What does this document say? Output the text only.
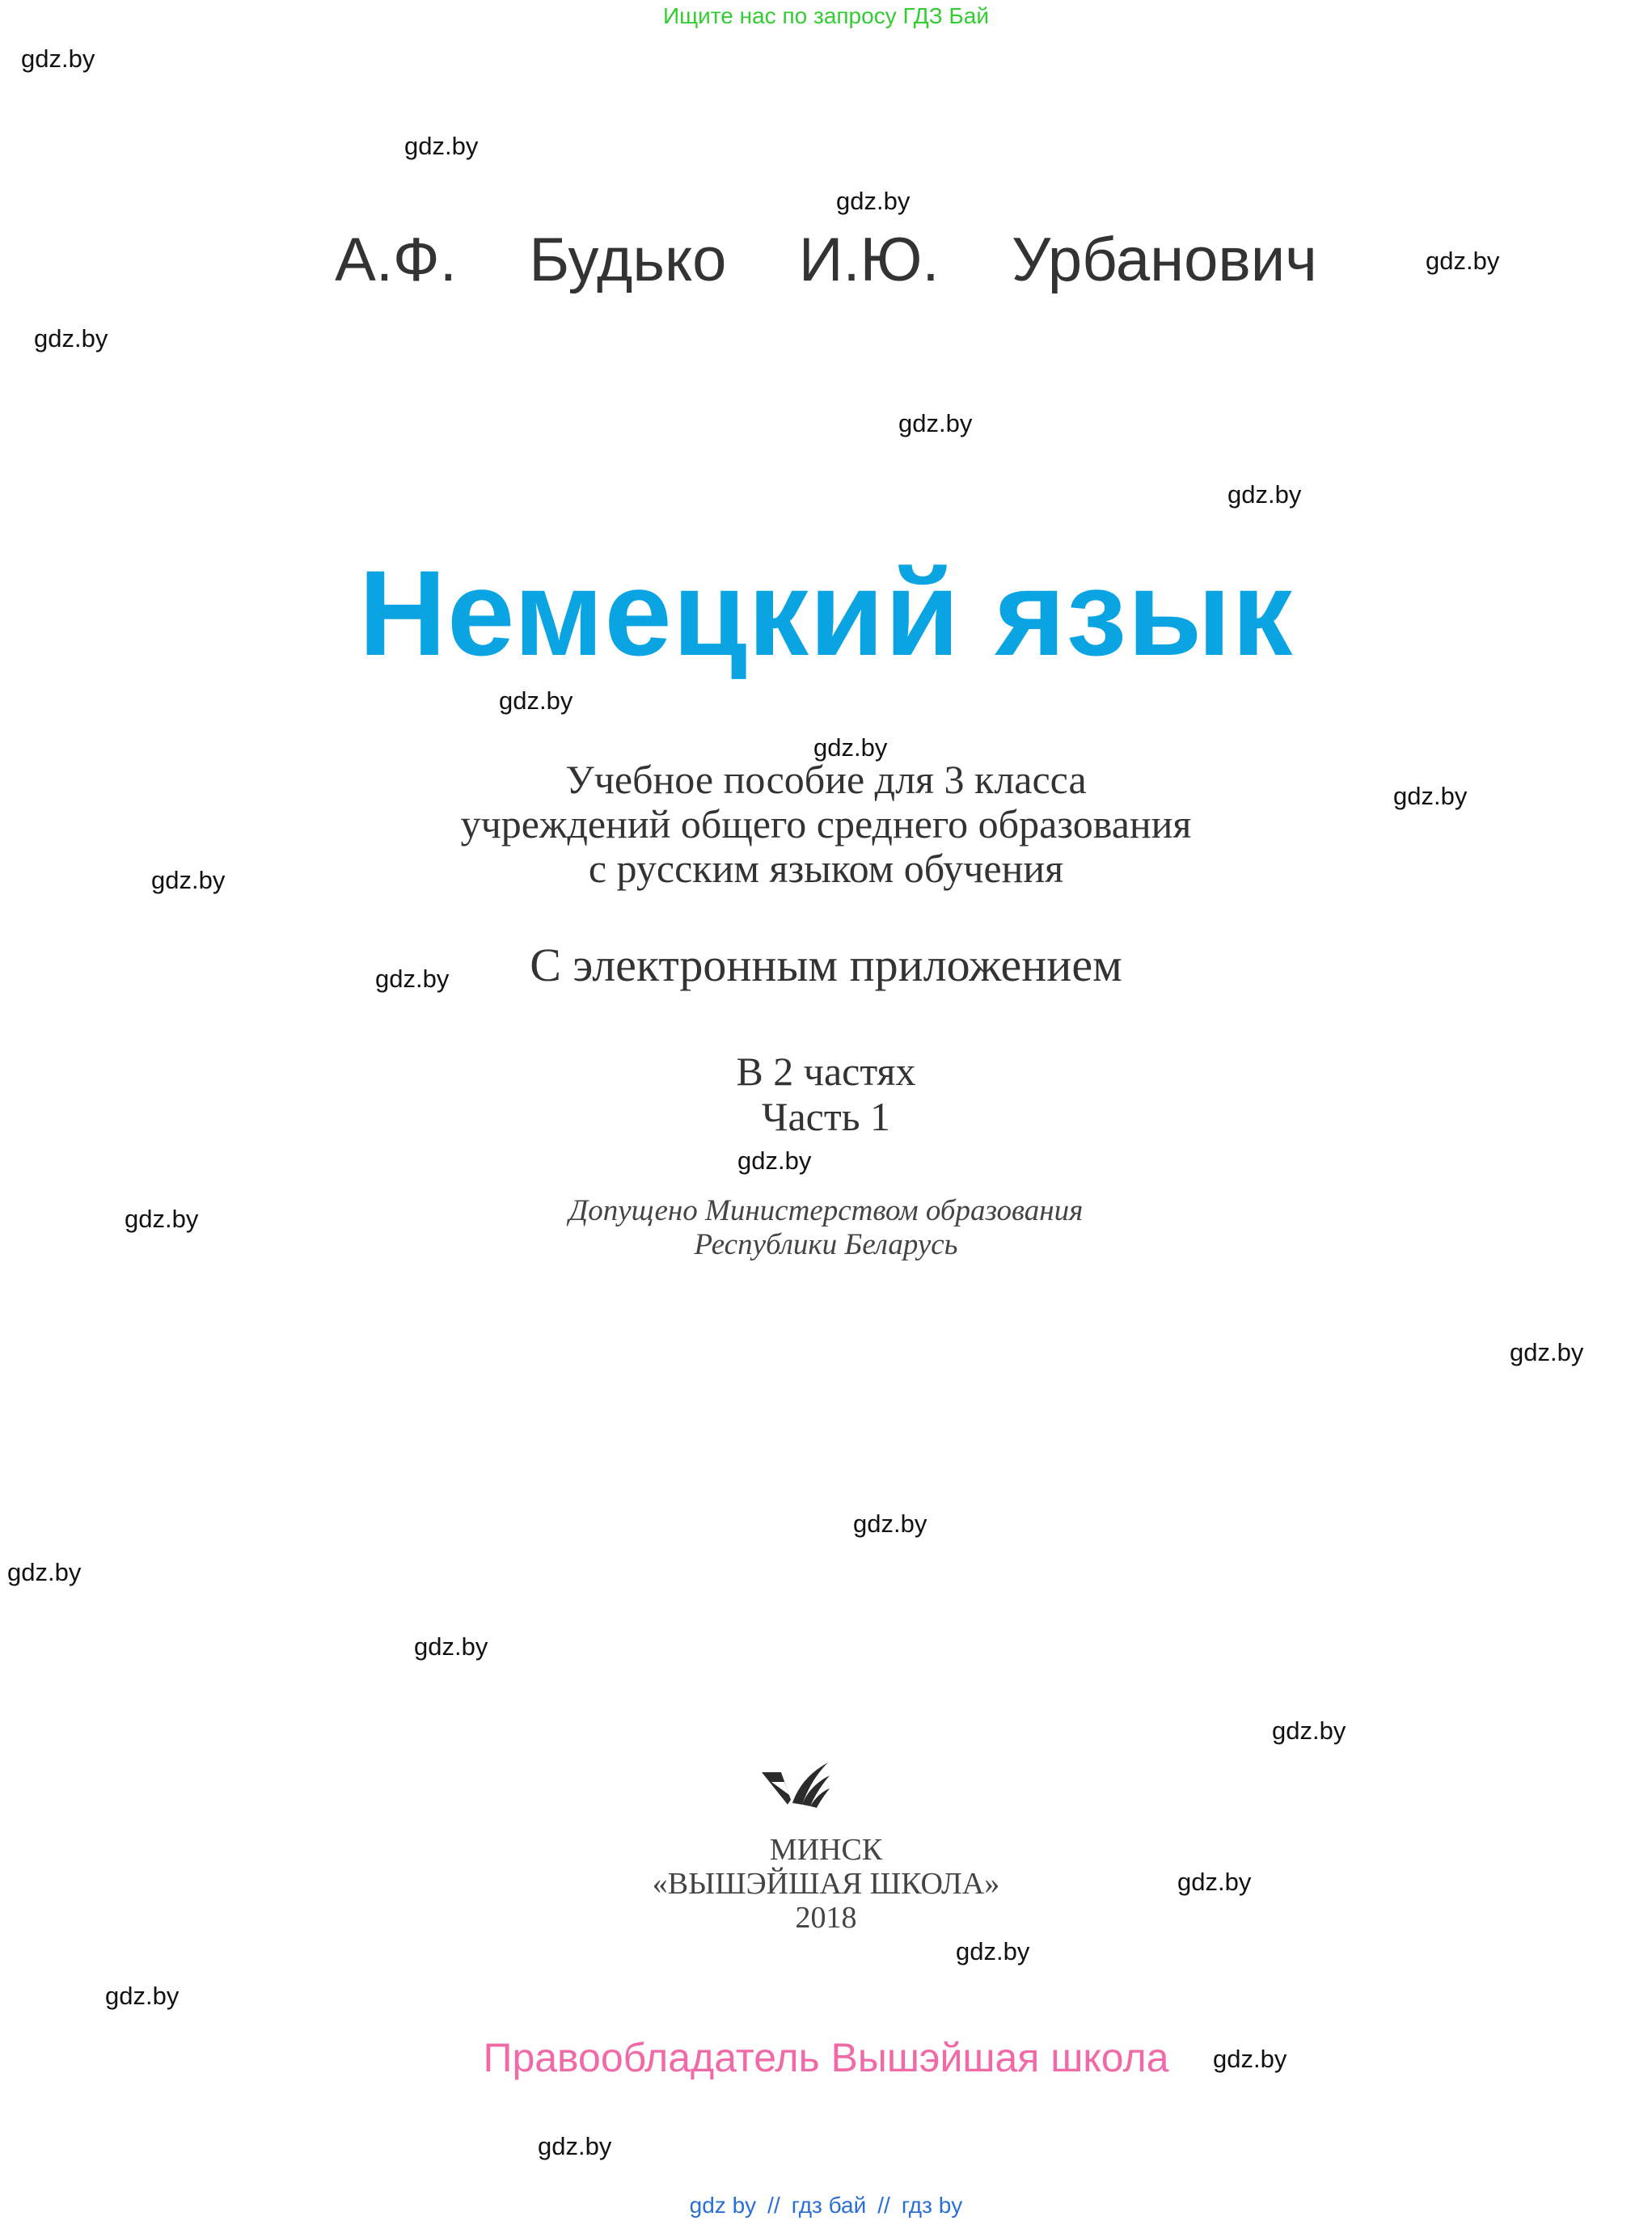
Ищите нас по запросу ГДЗ Бай
gdz.by
gdz.by
gdz.by
gdz.by
gdz.by
gdz.by
gdz.by
gdz.by
gdz.by
gdz.by
gdz.by
gdz.by
gdz.by
gdz.by
gdz.by
gdz.by
gdz.by
gdz.by
gdz.by
gdz.by
gdz.by
gdz.by
gdz.by
gdz.by
А.Ф. Будько И.Ю. Урбанович
Немецкий язык
Учебное пособие для 3 класса
учреждений общего среднего образования
с русским языком обучения
С электронным приложением
В 2 частях
Часть 1
Допущено Министерством образования
Республики Беларусь
МИНСК
«ВЫШЭЙШАЯ ШКОЛА»
2018
Правообладатель Вышэйшая школа
gdz by // гдз бай // гдз by
